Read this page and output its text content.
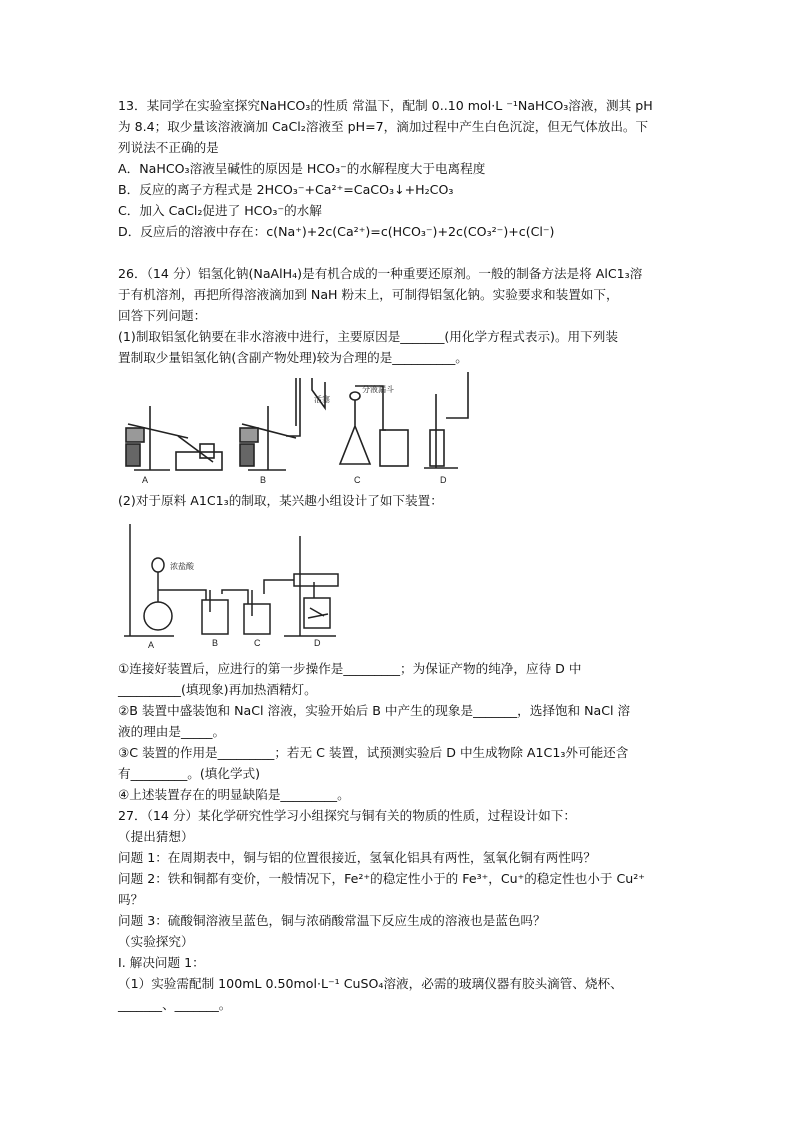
13．某同学在实验室探究NaHCO₃的性质 常温下，配制 0..10 mol·L ⁻¹NaHCO₃溶液，测其 pH
为 8.4；取少量该溶液滴加 CaCl₂溶液至 pH=7，滴加过程中产生白色沉淀，但无气体放出。下
列说法不正确的是
A．NaHCO₃溶液呈碱性的原因是 HCO₃⁻的水解程度大于电离程度
B．反应的离子方程式是 2HCO₃⁻+Ca²⁺=CaCO₃↓+H₂CO₃
C．加入 CaCl₂促进了 HCO₃⁻的水解
D．反应后的溶液中存在：c(Na⁺)+2c(Ca²⁺)=c(HCO₃⁻)+2c(CO₃²⁻)+c(Cl⁻)
26．（14 分）铝氢化钠(NaAlH₄)是有机合成的一种重要还原剂。一般的制备方法是将 AlC1₃溶
于有机溶剂，再把所得溶液滴加到 NaH 粉末上，可制得铝氢化钠。实验要求和装置如下，
回答下列问题：
(1)制取铝氢化钠要在非水溶液中进行，主要原因是_______(用化学方程式表示)。用下列装
置制取少量铝氢化钠(含副产物处理)较为合理的是__________。
A	B	C	D
活塞
分液漏斗
(2)对于原料 A1C1₃的制取，某兴趣小组设计了如下装置：
A	B	C	D
浓盐酸
①连接好装置后，应进行的第一步操作是_________；为保证产物的纯净，应待 D 中
__________(填现象)再加热酒精灯。
②B 装置中盛装饱和 NaCl 溶液，实验开始后 B 中产生的现象是_______，选择饱和 NaCl 溶
液的理由是_____。
③C 装置的作用是_________；若无 C 装置，试预测实验后 D 中生成物除 A1C1₃外可能还含
有_________。(填化学式)
④上述装置存在的明显缺陷是_________。
27．（14 分）某化学研究性学习小组探究与铜有关的物质的性质，过程设计如下：
（提出猜想）
问题 1：在周期表中，铜与铝的位置很接近，氢氧化铝具有两性，氢氧化铜有两性吗？
问题 2：铁和铜都有变价，一般情况下，Fe²⁺的稳定性小于的 Fe³⁺，Cu⁺的稳定性也小于 Cu²⁺
吗？
问题 3：硫酸铜溶液呈蓝色，铜与浓硝酸常温下反应生成的溶液也是蓝色吗？
（实验探究）
I. 解决问题 1：
（1）实验需配制 100mL 0.50mol·L⁻¹ CuSO₄溶液，必需的玻璃仪器有胶头滴管、烧杯、
_______、_______。
